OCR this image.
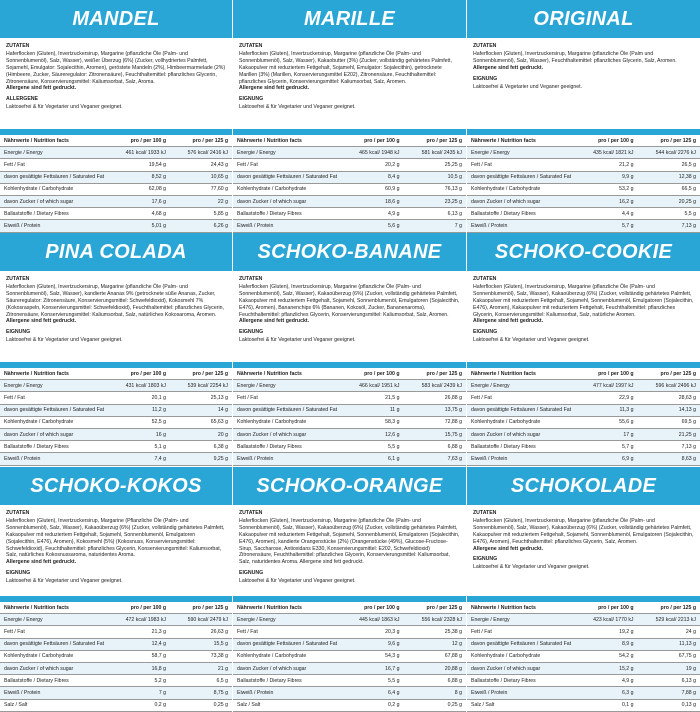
MANDEL
ZUTATEN

Haferflocken (Gluten), Invertzuckersirup, Margarine (pflanzliche Öle (Palm- und Sonnenblumenöl), Salz, Wasser), weißer Überzug (6%) (Zucker, vollhydriertes Palmfett, Sojamehl, Emulgator: Sojalecithin, Aromen), geröstete Mandeln (2%), Himbeermarmelade (2%) (Himbeere, Zucker, Säureregulator: Zitronensäure), Feuchthaltemittel: pflanzliches Glycerin, Zitronensäure, Konservierungsmittel: Kaliumsorbat, Salz, Aroma.

Allergene sind fett gedruckt.

ALLERGENE

Laktosefrei & für Vegetarier und Veganer geeignet.

Nährwerte / Nutrition facts	pro / per 100 g	pro / per 125 g
Energie / Energy	461 kcal/ 1933 kJ	576 kcal/ 2416 kJ
Fett / Fat	19,54 g	24,43 g
davon gesättigte Fettsäuren / Saturated Fat	8,52 g	10,65 g
Kohlenhydrate / Carbohydrate	62,08 g	77,60 g
davon Zucker / of which sugar	17,6 g	22 g
Ballaststoffe / Dietary Fibres	4,68 g	5,85 g
Eiweiß / Protein	5,01 g	6,26 g

MARILLE
ZUTATEN

Haferflocken (Gluten), Invertzuckersirup, Margarine (pflanzliche Öle (Palm- und Sonnenblumenöl), Salz, Wasser), Kakaobutter (3%) (Zucker, vollständig gehärtetes Palmfett, Kakaopulver mit reduziertem Fettgehalt, Sojamehl, Emulgator: Sojalecithin), getrocknete Marillen (3%) (Marillen, Konservierungsmittel E202), Zitronensäure, Feuchthaltemittel: pflanzliches Glycerin, Konservierungsmittel: Kaliumsorbat, Salz, Aromen.

Allergene sind fett gedruckt.

EIGNUNG

Laktosefrei & für Vegetarier und Veganer geeignet.

Nährwerte / Nutrition facts	pro / per 100 g	pro / per 125 g
Energie / Energy	465 kcal/ 1948 kJ	581 kcal/ 2435 kJ
Fett / Fat	20,2 g	25,25 g
davon gesättigte Fettsäuren / Saturated Fat	8,4 g	10,5 g
Kohlenhydrate / Carbohydrate	60,9 g	76,13 g
davon Zucker / of which sugar	18,6 g	23,25 g
Ballaststoffe / Dietary Fibres	4,9 g	6,13 g
Eiweiß / Protein	5,6 g	7 g

ORIGINAL
ZUTATEN

Haferflocken (Gluten), Invertzuckersirup, Margarine (pflanzliche Öle (Palm und Sonnenblumenöl), Salz, Wasser), Feuchthaltemittel: pflanzliches Glycerin, Salz, Aromen.

Allergene sind fett gedruckt.

EIGNUNG

Laktosefrei & Vegetarier und Veganer geeignet.

Nährwerte / Nutrition facts	pro / per 100 g	pro / per 125 g
Energie / Energy	435 kcal/ 1821 kJ	544 kcal/ 2276 kJ
Fett / Fat	21,2 g	26,5 g
davon gesättigte Fettsäuren / Saturated Fat	9,9 g	12,38 g
Kohlenhydrate / Carbohydrate	53,2 g	66,5 g
davon Zucker / of which sugar	16,2 g	20,25 g
Ballaststoffe / Dietary Fibres	4,4 g	5,5 g
Eiweiß / Protein	5,7 g	7,13 g

PINA COLADA
ZUTATEN

Haferflocken (Gluten), Invertzuckersirup, Margarine (pflanzliche Öle (Palm- und Sonnenblumenöl), Salz, Wasser), kandierte Ananas 9% (getrocknete süße Ananas, Zucker, Säureregulator: Zitronensäure, Konservierungsmittel: Schwefeldioxid), Kokosmehl 7% (Kokosraspeln, Konservierungsmittel: Schwefeldioxid), Feuchthaltemittel: pflanzliches Glycerin, Zitronensäure, Konservierungsmittel: Kaliumsorbat, Salz, natürliches Kokosaroma, Aromen.

Allergene sind fett gedruckt.

EIGNUNG

Laktosefrei & für Vegetarier und Veganer geeignet.

Nährwerte / Nutrition facts	pro / per 100 g	pro / per 125 g
Energie / Energy	431 kcal/ 1803 kJ	539 kcal/ 2254 kJ
Fett / Fat	20,1 g	25,13 g
davon gesättigte Fettsäuren / Saturated Fat	11,2 g	14 g
Kohlenhydrate / Carbohydrate	52,5 g	65,63 g
davon Zucker / of which sugar	16 g	20 g
Ballaststoffe / Dietary Fibres	5,1 g	6,38 g
Eiweiß / Protein	7,4 g	9,25 g

SCHOKO-BANANE
ZUTATEN

Haferflocken (Gluten), Invertzuckersirup, Margarine (pflanzliche Öle (Palm- und Sonnenblumenöl), Salz, Wasser), Kakaoüberzug (6%) (Zucker, vollständig gehärtetes Palmfett, Kakaopulver mit reduziertem Fettgehalt, Sojamehl, Sonnenblumenöl, Emulgatoren (Sojalecithin, E476), Aromen), Bananenchips 6% (Bananen, Kokosöl, Zucker, Bananenaroma), Feuchthaltemittel: pflanzliches Glycerin, Konservierungsmittel: Kaliumsorbat, Salz, Aromen.

Allergene sind fett gedruckt.

EIGNUNG

Laktosefrei & für Vegetarier und Veganer geeignet.

Nährwerte / Nutrition facts	pro / per 100 g	pro / per 125 g
Energie / Energy	466 kcal/ 1951 kJ	583 kcal/ 2439 kJ
Fett / Fat	21,5 g	26,88 g
davon gesättigte Fettsäuren / Saturated Fat	11 g	13,75 g
Kohlenhydrate / Carbohydrate	58,3 g	72,88 g
davon Zucker / of which sugar	12,6 g	15,75 g
Ballaststoffe / Dietary Fibres	5,5 g	6,88 g
Eiweiß / Protein	6,1 g	7,63 g

SCHOKO-COOKIE
ZUTATEN

Haferflocken (Gluten), Invertzuckersirup, Margarine (pflanzliche Öle (Palm- und Sonnenblumenöl), Salz, Wasser), Kakaoüberzug (6%) (Zucker, vollständig gehärtetes Palmfett, Kakaopulver mit reduziertem Fettgehalt, Sojamehl, Sonnenblumenöl, Emulgatoren (Sojalecithin, E476), Aromen), Kakaopulver mit reduziertem Fettgehalt, Feuchthaltemittel: pflanzliches Glycerin, Konservierungsmittel: Kaliumsorbat, Salz, natürliche Aromen.

Allergene sind fett gedruckt.

EIGNUNG

Laktosefrei & für Vegetarier und Veganer geeignet.

Nährwerte / Nutrition facts	pro / per 100 g	pro / per 125 g
Energie / Energy	477 kcal/ 1997 kJ	596 kcal/ 2496 kJ
Fett / Fat	22,9 g	28,63 g
davon gesättigte Fettsäuren / Saturated Fat	11,3 g	14,13 g
Kohlenhydrate / Carbohydrate	55,6 g	69,5 g
davon Zucker / of which sugar	17 g	21,25 g
Ballaststoffe / Dietary Fibres	5,7 g	7,13 g
Eiweiß / Protein	6,9 g	8,63 g

SCHOKO-KOKOS
ZUTATEN

Haferflocken (Gluten), Invertzuckersirup, Margarine (Pflanzliche Öle (Palm- und Sonnenblumenöl), Salz, Wasser), Kakaoüberzug (6%) (Zucker, vollständig gehärtetes Palmfett, Kakaopulver mit reduziertem Fettgehalt, Sojamehl, Sonnenblumenöl, Emulgatoren (Sojalecithin, E476), Aromen), Kokosmehl (5%) (Kokosnuss, Konservierungsmittel: Schwefeldioxid), Feuchthaltemittel: pflanzliches Glycerin, Konservierungsmittel: Kaliumsorbat, Salz, natürliches Kokosnussaroma, naturidentes Aroma.

Allergene sind fett gedruckt.

EIGNUNG

Laktosefrei & für Vegetarier und Veganer geeignet.

Nährwerte / Nutrition facts	pro / per 100 g	pro / per 125 g
Energie / Energy	472 kcal/ 1983 kJ	590 kcal/ 2479 kJ
Fett / Fat	21,3 g	26,63 g
davon gesättigte Fettsäuren / Saturated Fat	12,4 g	15,5 g
Kohlenhydrate / Carbohydrate	58,7 g	73,38 g
davon Zucker / of which sugar	16,8 g	21 g
Ballaststoffe / Dietary Fibres	5,2 g	6,5 g
Eiweiß / Protein	7 g	8,75 g
Salz / Salt	0,2 g	0,25 g
SCHOKO-ORANGE
ZUTATEN

Haferflocken (Gluten), Invertzuckersirup, Margarine (pflanzliche Öle (Palm- und Sonnenblumenöl), Salz, Wasser), Kakaoüberzug (6%) (Zucker, vollständig gehärtetes Palmfett, Kakaopulver mit reduziertem Fettgehalt, Sojamehl, Sonnenblumenöl, Emulgatoren (Sojalecithin, E476), Aromen), kandierte Orangenstücke (2%) (Orangenstücke (49%), Glucose-Fructose-Sirup, Saccharose, Antioxidans E330, Konservierungsmittel: E202, Schwefeldioxid) Zitronensäure, Feuchthaltemittel: pflanzliches Glycerin, Konservierungsmittel: Kaliumsorbat, Salz, naturidentes Aroma. Allergene sind fett gedruckt.

EIGNUNG

Laktosefrei & für Vegetarier und Veganer geeignet.

Nährwerte / Nutrition facts	pro / per 100 g	pro / per 125 g
Energie / Energy	445 kcal/ 1863 kJ	556 kcal/ 2328 kJ
Fett / Fat	20,3 g	25,38 g
davon gesättigte Fettsäuren / Saturated Fat	9,6 g	12 g
Kohlenhydrate / Carbohydrate	54,3 g	67,88 g
davon Zucker / of which sugar	16,7 g	20,88 g
Ballaststoffe / Dietary Fibres	5,5 g	6,88 g
Eiweiß / Protein	6,4 g	8 g
Salz / Salt	0,2 g	0,25 g
SCHOKOLADE
ZUTATEN

Haferflocken (Gluten), Invertzuckersirup, Margarine (pflanzliche Öle (Palm- und Sonnenblumenöl), Salz, Wasser), Kakaoüberzug (6%) (Zucker, vollständig gehärtetes Palmfett, Kakaopulver mit reduziertem Fettgehalt, Sojamehl, Sonnenblumenöl, Emulgatoren (Sojalecithin, E476), Aromen), Feuchthaltemittel: pflanzliches Glycerin, Salz, Aromen.

Allergene sind fett gedruckt.

EIGNUNG

Laktosefrei & für Vegetarier und Veganer geeignet.

Nährwerte / Nutrition facts	pro / per 100 g	pro / per 125 g
Energie / Energy	423 kcal/ 1770 kJ	529 kcal/ 2213 kJ
Fett / Fat	19,2 g	24 g
davon gesättigte Fettsäuren / Saturated Fat	8,9 g	11,13 g
Kohlenhydrate / Carbohydrate	54,2 g	67,75 g
davon Zucker / of which sugar	15,2 g	19 g
Ballaststoffe / Dietary Fibres	4,9 g	6,13 g
Eiweiß / Protein	6,3 g	7,88 g
Salz / Salt	0,1 g	0,13 g
